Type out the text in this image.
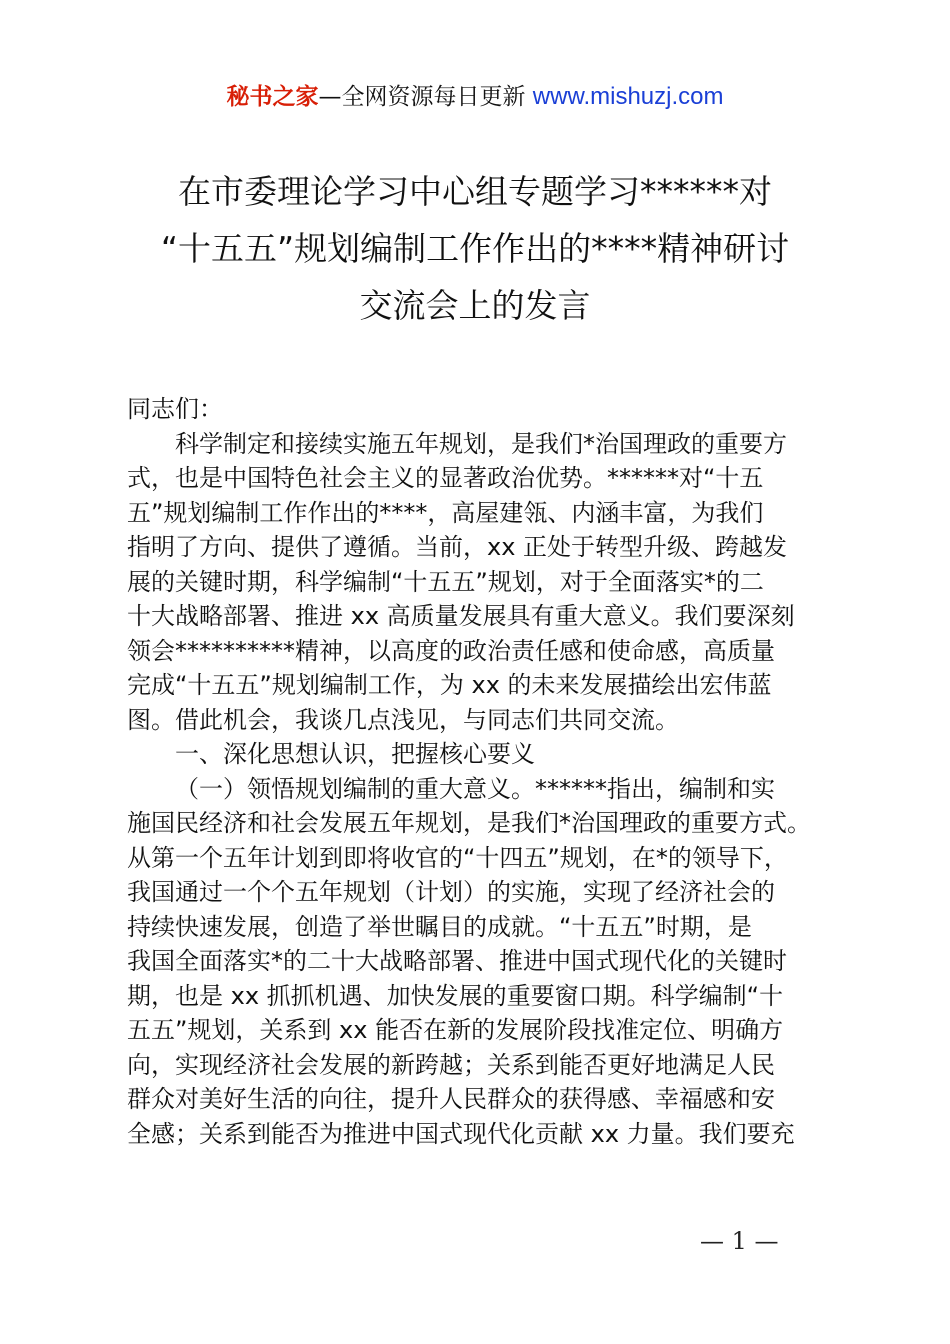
秘书之家—全网资源每日更新 www.mishuzj.com
在市委理论学习中心组专题学习******对
“十五五”规划编制工作作出的****精神研讨
交流会上的发言
同志们：
科学制定和接续实施五年规划，是我们*治国理政的重要方
式，也是中国特色社会主义的显著政治优势。******对“十五
五”规划编制工作作出的****，高屋建瓴、内涵丰富，为我们
指明了方向、提供了遵循。当前，xx 正处于转型升级、跨越发
展的关键时期，科学编制“十五五”规划，对于全面落实*的二
十大战略部署、推进 xx 高质量发展具有重大意义。我们要深刻
领会**********精神，以高度的政治责任感和使命感，高质量
完成“十五五”规划编制工作，为 xx 的未来发展描绘出宏伟蓝
图。借此机会，我谈几点浅见，与同志们共同交流。
一、深化思想认识，把握核心要义
（一）领悟规划编制的重大意义。******指出，编制和实
施国民经济和社会发展五年规划，是我们*治国理政的重要方式。
从第一个五年计划到即将收官的“十四五”规划，在*的领导下，
我国通过一个个五年规划（计划）的实施，实现了经济社会的
持续快速发展，创造了举世瞩目的成就。“十五五”时期，是
我国全面落实*的二十大战略部署、推进中国式现代化的关键时
期，也是 xx 抓抓机遇、加快发展的重要窗口期。科学编制“十
五五”规划，关系到 xx 能否在新的发展阶段找准定位、明确方
向，实现经济社会发展的新跨越；关系到能否更好地满足人民
群众对美好生活的向往，提升人民群众的获得感、幸福感和安
全感；关系到能否为推进中国式现代化贡献 xx 力量。我们要充
— 1 —
